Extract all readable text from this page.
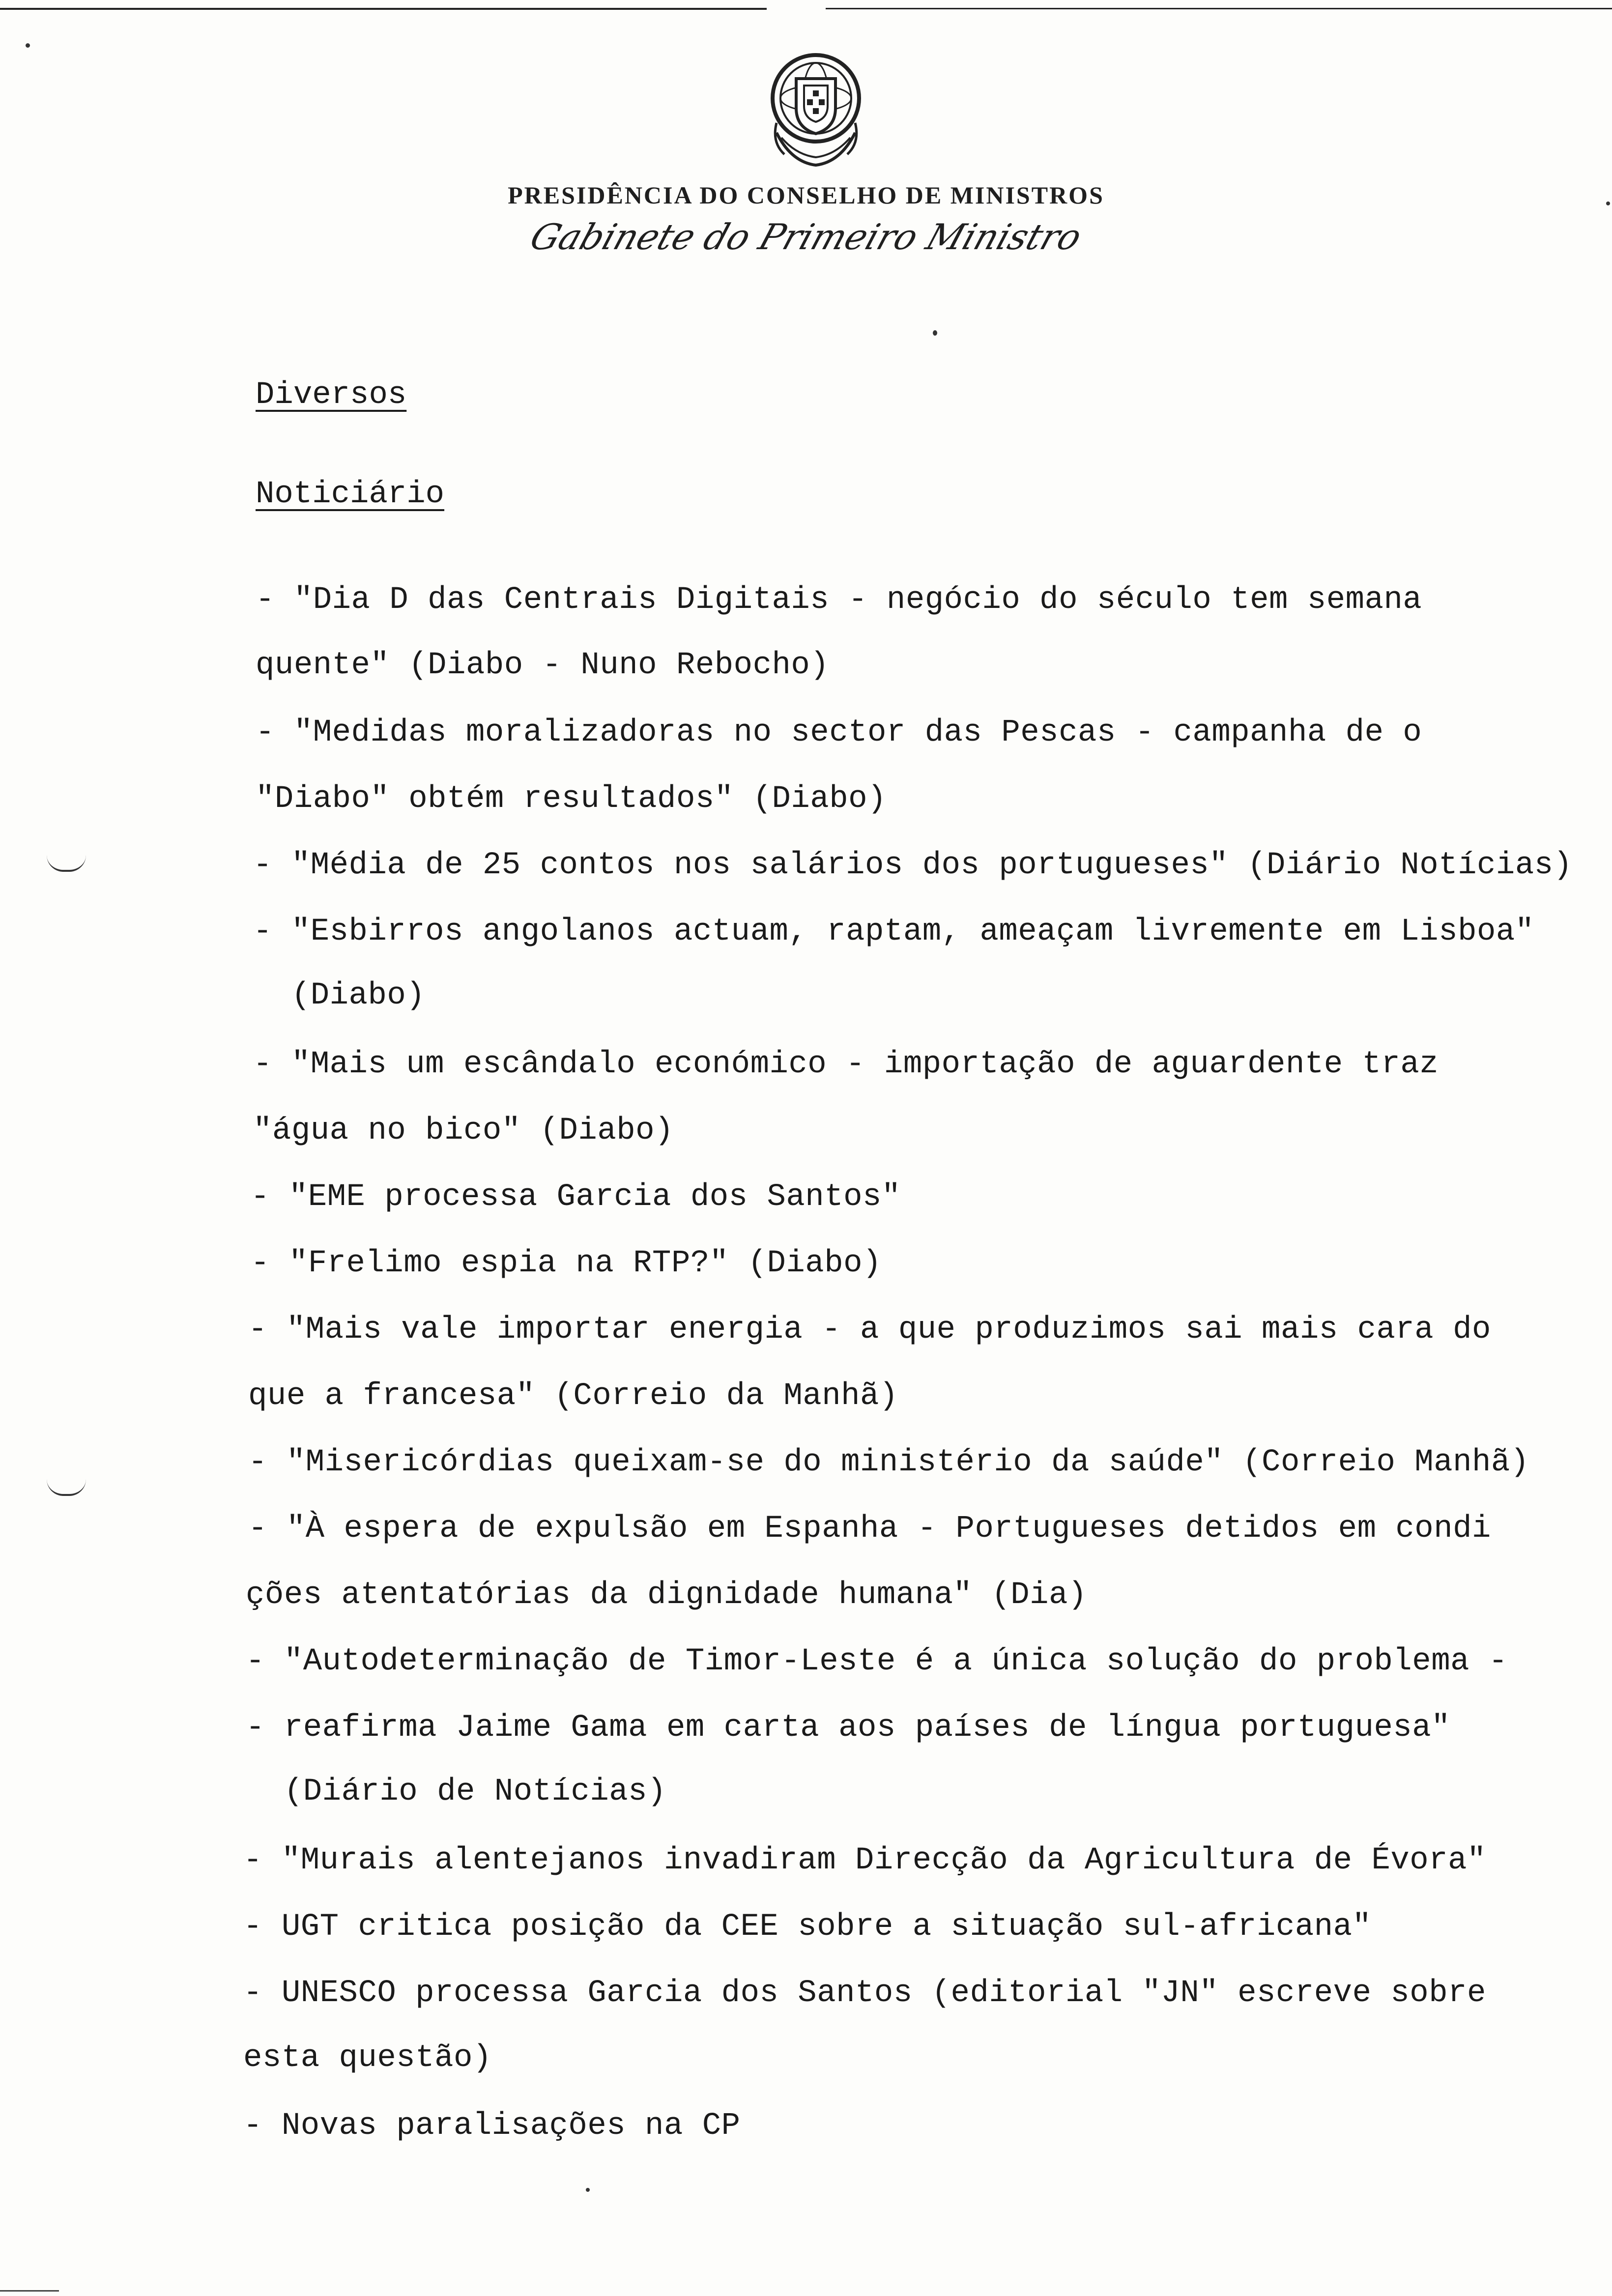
PRESIDÊNCIA DO CONSELHO DE MINISTROS
Gabinete do Primeiro Ministro
Diversos
Noticiário
- "Dia D das Centrais Digitais - negócio do século tem semana
quente" (Diabo - Nuno Rebocho)
- "Medidas moralizadoras no sector das Pescas - campanha de o
"Diabo" obtém resultados" (Diabo)
- "Média de 25 contos nos salários dos portugueses" (Diário Notícias)
- "Esbirros angolanos actuam, raptam, ameaçam livremente em Lisboa"
(Diabo)
- "Mais um escândalo económico - importação de aguardente traz
"água no bico" (Diabo)
- "EME processa Garcia dos Santos"
- "Frelimo espia na RTP?" (Diabo)
- "Mais vale importar energia - a que produzimos sai mais cara do
que a francesa" (Correio da Manhã)
- "Misericórdias queixam-se do ministério da saúde" (Correio Manhã)
- "À espera de expulsão em Espanha - Portugueses detidos em condi
ções atentatórias da dignidade humana" (Dia)
- "Autodeterminação de Timor-Leste é a única solução do problema -
- reafirma Jaime Gama em carta aos países de língua portuguesa"
(Diário de Notícias)
- "Murais alentejanos invadiram Direcção da Agricultura de Évora"
- UGT critica posição da CEE sobre a situação sul-africana"
- UNESCO processa Garcia dos Santos (editorial "JN" escreve sobre
esta questão)
- Novas paralisações na CP
